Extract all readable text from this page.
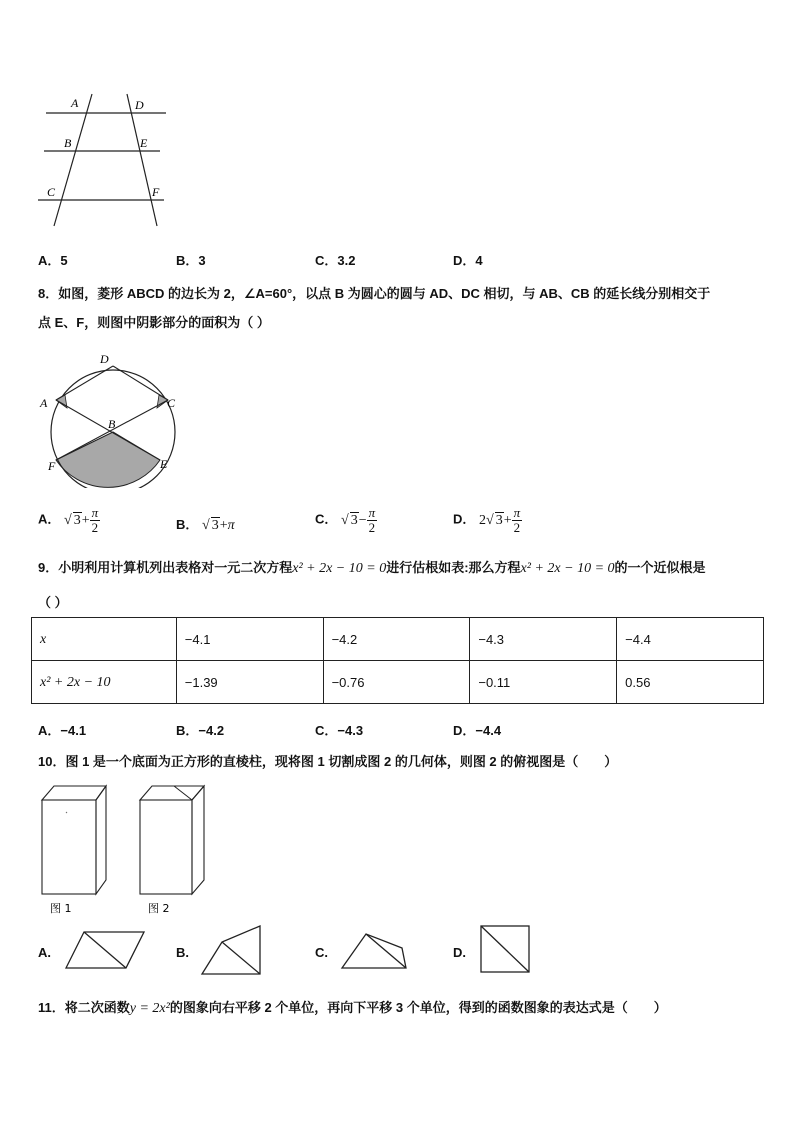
A	D
B	E
C	F
A．5	B．3	C．3.2	D．4
8．如图，菱形 ABCD 的边长为 2，∠A=60°，以点 B 为圆心的圆与 AD、DC 相切，与 AB、CB 的延长线分别相交于
点 E、F，则图中阴影部分的面积为（ ）
D
A	C
B
F	E
A． √ $3+ \frac{\pi}{2}$	B． √ 3+π	C． √ $3- \frac{\pi}{2}$	D． 2√ $3+ \frac{\pi}{2}$
9．小明利用计算机列出表格对一元二次方程x² + 2x − 10 = 0进行估根如表:那么方程x² + 2x − 10 = 0的一个近似根是
（ ）
x	−4.1	−4.2	−4.3	−4.4
x² + 2x − 10	−1.39	−0.76	−0.11	0.56
A．−4.1	B．−4.2	C．−4.3	D．−4.4
10．图 1 是一个底面为正方形的直棱柱，现将图 1 切割成图 2 的几何体，则图 2 的俯视图是（　　）
图 1	图 2
A.	B.	C.	D.
11．将二次函数y = 2x²的图象向右平移 2 个单位，再向下平移 3 个单位，得到的函数图象的表达式是（　　）
